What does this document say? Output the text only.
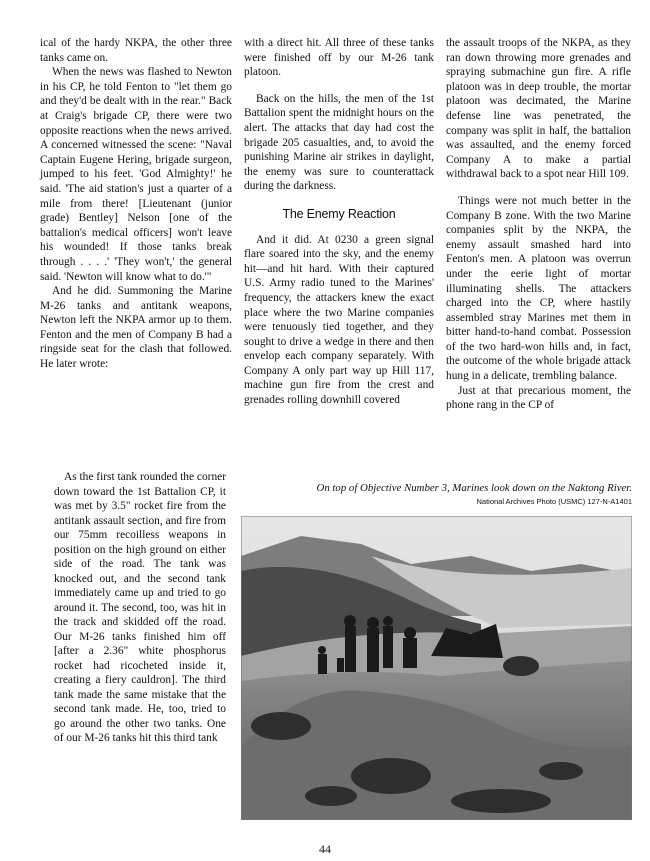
ical of the hardy NKPA, the other three tanks came on.

When the news was flashed to Newton in his CP, he told Fenton to "let them go and they'd be dealt with in the rear." Back at Craig's brigade CP, there were two opposite reactions when the news arrived. A concerned witnessed the scene: "Naval Captain Eugene Hering, brigade surgeon, jumped to his feet. 'God Almighty!' he said. 'The aid station's just a quarter of a mile from there! [Lieutenant (junior grade) Bentley] Nelson [one of the battalion's medical officers] won't leave his wounded! If those tanks break through . . . .' 'They won't,' the general said. 'Newton will know what to do.'"

And he did. Summoning the Marine M-26 tanks and antitank weapons, Newton left the NKPA armor up to them. Fenton and the men of Company B had a ringside seat for the clash that followed. He later wrote:

As the first tank rounded the corner down toward the 1st Battalion CP, it was met by 3.5" rocket fire from the antitank assault section, and fire from our 75mm recoilless weapons in position on the high ground on either side of the road. The tank was knocked out, and the second tank immediately came up and tried to go around it. The second, too, was hit in the track and skidded off the road. Our M-26 tanks finished him off [after a 2.36" white phosphorus rocket had ricocheted inside it, creating a fiery cauldron]. The third tank made the same mistake that the second tank made. He, too, tried to go around the other two tanks. One of our M-26 tanks hit this third tank

with a direct hit. All three of these tanks were finished off by our M-26 tank platoon.

Back on the hills, the men of the 1st Battalion spent the midnight hours on the alert. The attacks that day had cost the brigade 205 casualties, and, to avoid the punishing Marine air strikes in daylight, the enemy was sure to counterattack during the darkness.

The Enemy Reaction

And it did. At 0230 a green signal flare soared into the sky, and the enemy hit—and hit hard. With their captured U.S. Army radio tuned to the Marines' frequency, the attackers knew the exact place where the two Marine companies were tenuously tied together, and they sought to drive a wedge in there and then envelop each company separately. With Company A only part way up Hill 117, machine gun fire from the crest and grenades rolling downhill covered

the assault troops of the NKPA, as they ran down throwing more grenades and spraying submachine gun fire. A rifle platoon was in deep trouble, the mortar platoon was decimated, the Marine defense line was penetrated, the company was split in half, the battalion was assaulted, and the enemy forced Company A to make a partial withdrawal back to a spot near Hill 109.

Things were not much better in the Company B zone. With the two Marine companies split by the NKPA, the enemy assault smashed hard into Fenton's men. A platoon was overrun under the eerie light of mortar illuminating shells. The attackers charged into the CP, where hastily assembled stray Marines met them in bitter hand-to-hand combat. Possession of the two hard-won hills and, in fact, the outcome of the whole brigade attack hung in a delicate, trembling balance.

Just at that precarious moment, the phone rang in the CP of

On top of Objective Number 3, Marines look down on the Naktong River.
National Archives Photo (USMC) 127-N-A1401
44
